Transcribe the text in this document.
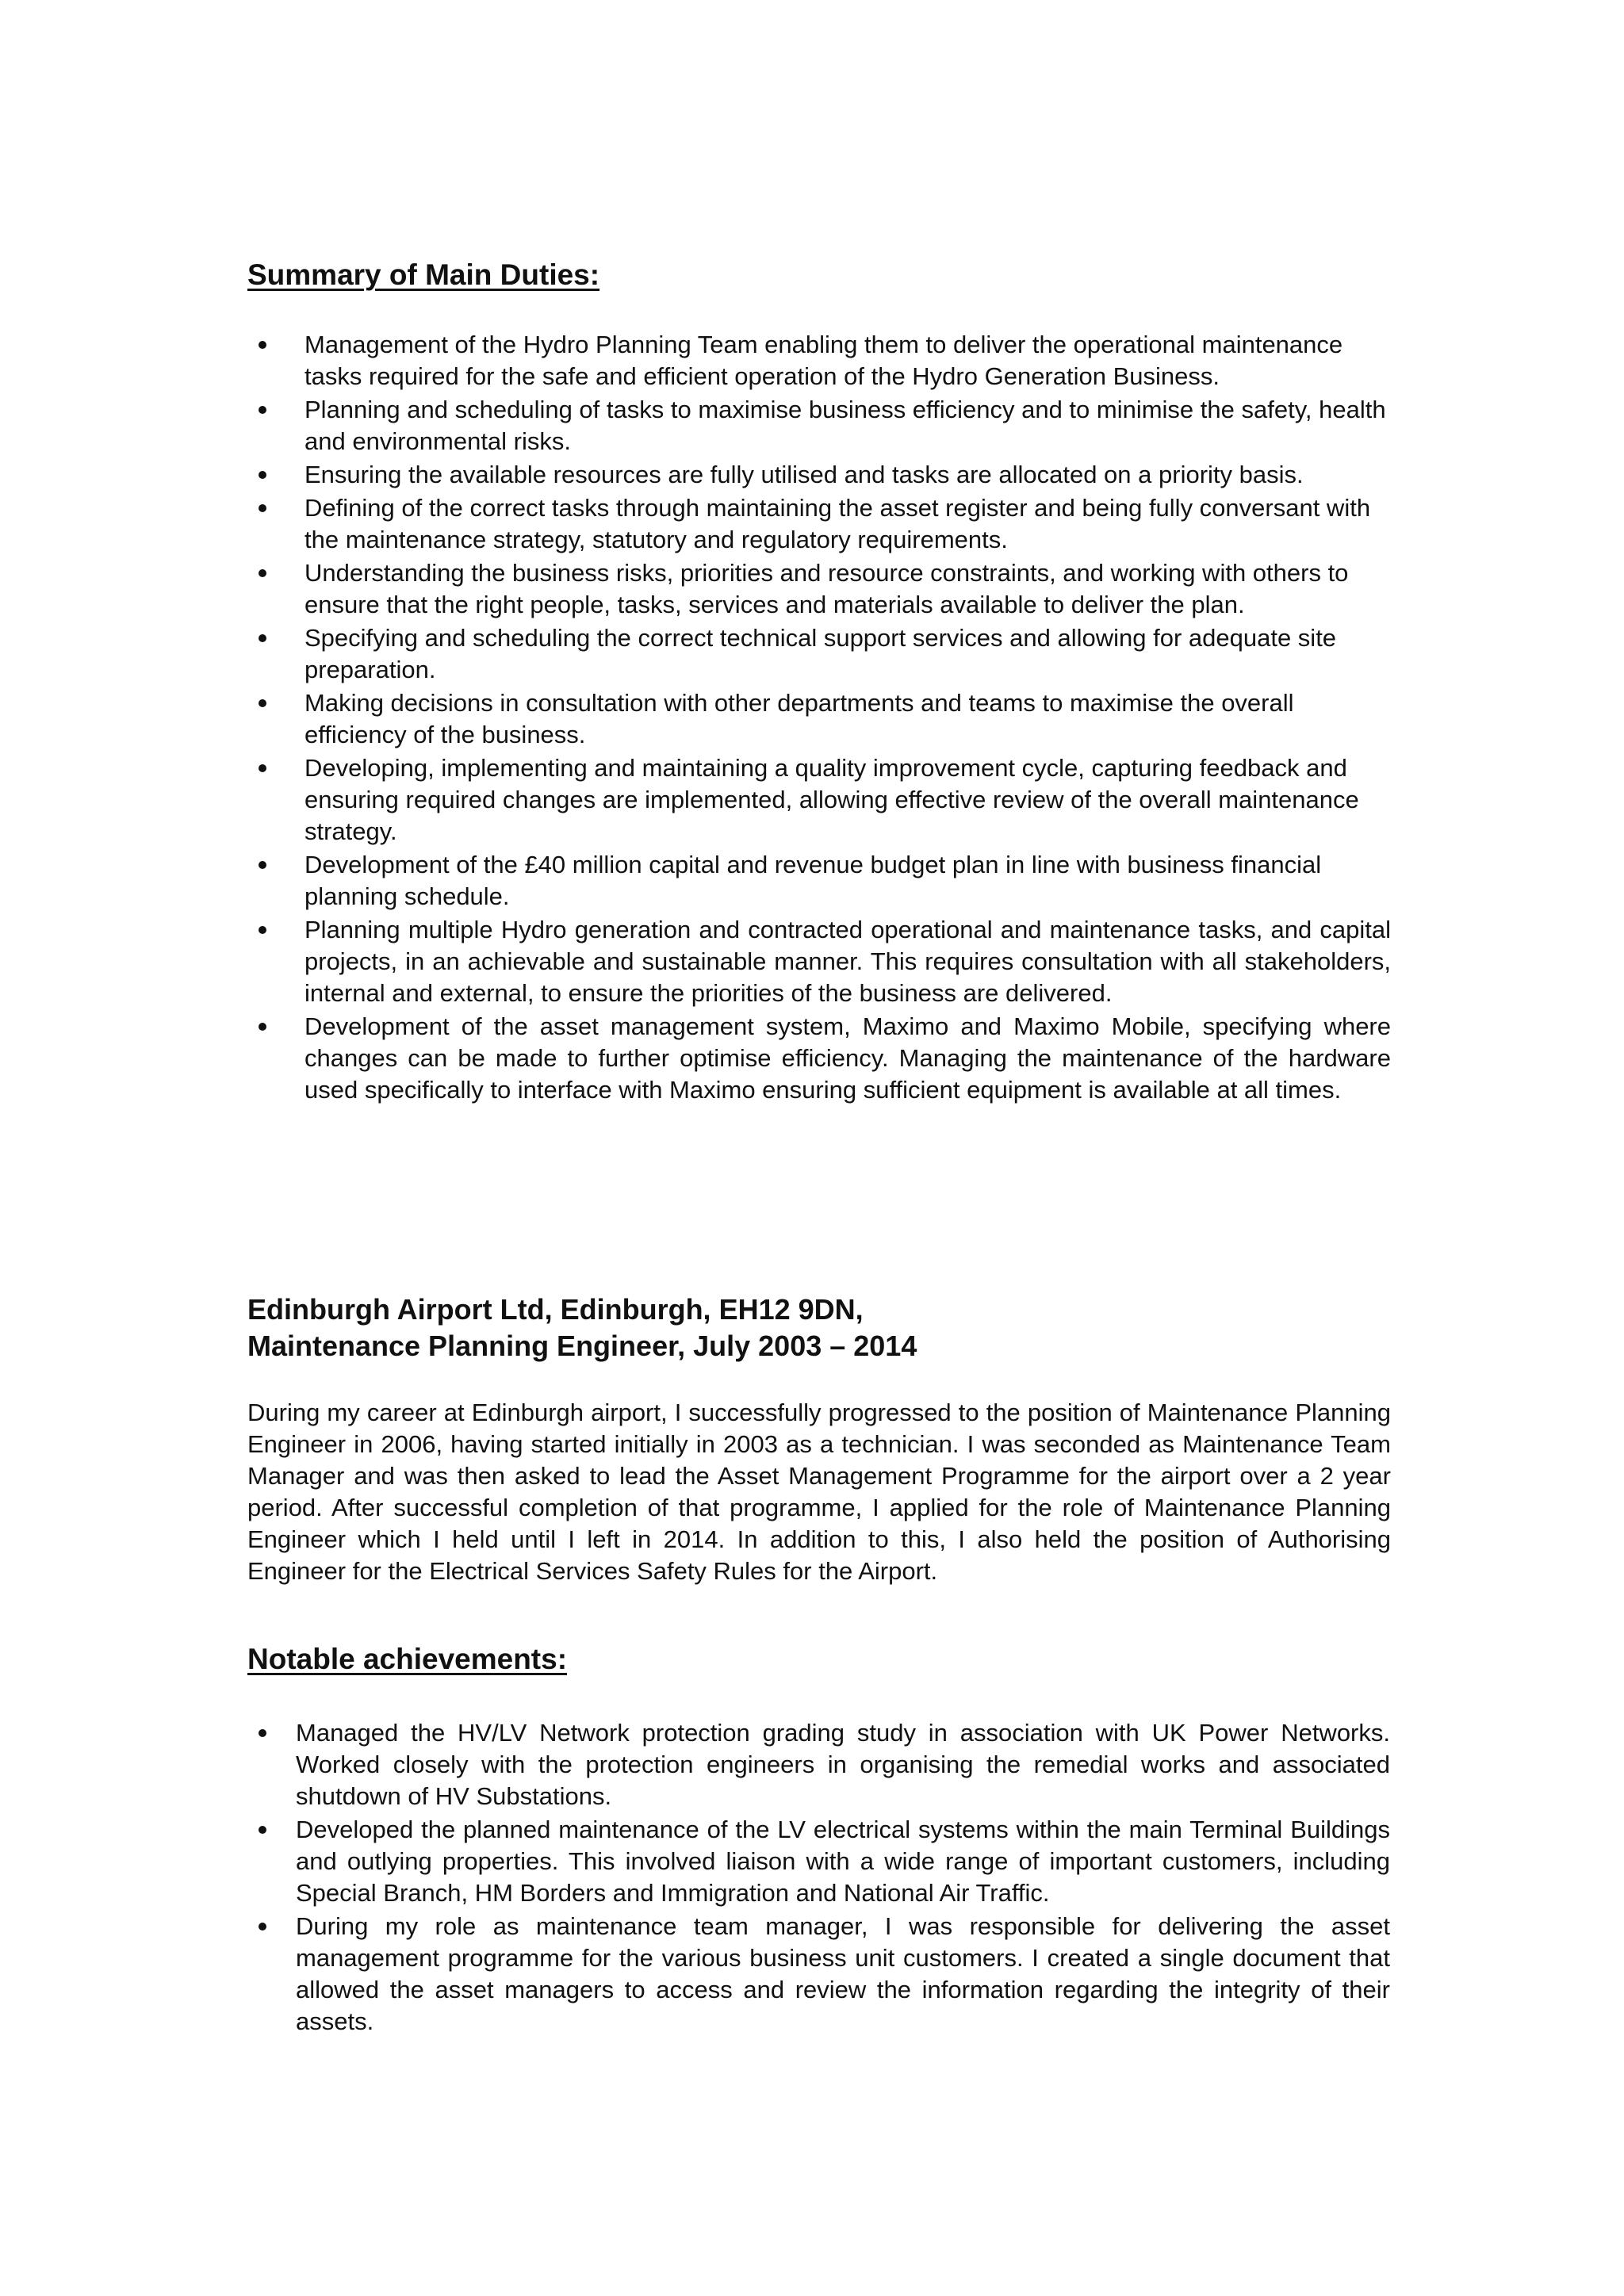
Summary of Main Duties:
Management of the Hydro Planning Team enabling them to deliver the operational maintenance tasks required for the safe and efficient operation of the Hydro Generation Business.
Planning and scheduling of tasks to maximise business efficiency and to minimise the safety, health and environmental risks.
Ensuring the available resources are fully utilised and tasks are allocated on a priority basis.
Defining of the correct tasks through maintaining the asset register and being fully conversant with the maintenance strategy, statutory and regulatory requirements.
Understanding the business risks, priorities and resource constraints, and working with others to ensure that the right people, tasks, services and materials available to deliver the plan.
Specifying and scheduling the correct technical support services and allowing for adequate site preparation.
Making decisions in consultation with other departments and teams to maximise the overall efficiency of the business.
Developing, implementing and maintaining a quality improvement cycle, capturing feedback and ensuring required changes are implemented, allowing effective review of the overall maintenance strategy.
Development of the £40 million capital and revenue budget plan in line with business financial planning schedule.
Planning multiple Hydro generation and contracted operational and maintenance tasks, and capital projects, in an achievable and sustainable manner. This requires consultation with all stakeholders, internal and external, to ensure the priorities of the business are delivered.
Development of the asset management system, Maximo and Maximo Mobile, specifying where changes can be made to further optimise efficiency. Managing the maintenance of the hardware used specifically to interface with Maximo ensuring sufficient equipment is available at all times.
Edinburgh Airport Ltd, Edinburgh, EH12 9DN,
Maintenance Planning Engineer, July 2003 – 2014

During my career at Edinburgh airport, I successfully progressed to the position of Maintenance Planning Engineer in 2006, having started initially in 2003 as a technician. I was seconded as Maintenance Team Manager and was then asked to lead the Asset Management Programme for the airport over a 2 year period. After successful completion of that programme, I applied for the role of Maintenance Planning Engineer which I held until I left in 2014. In addition to this, I also held the position of Authorising Engineer for the Electrical Services Safety Rules for the Airport.

Notable achievements:
Managed the HV/LV Network protection grading study in association with UK Power Networks. Worked closely with the protection engineers in organising the remedial works and associated shutdown of HV Substations.
Developed the planned maintenance of the LV electrical systems within the main Terminal Buildings and outlying properties. This involved liaison with a wide range of important customers, including Special Branch, HM Borders and Immigration and National Air Traffic.
During my role as maintenance team manager, I was responsible for delivering the asset management programme for the various business unit customers. I created a single document that allowed the asset managers to access and review the information regarding the integrity of their assets.
